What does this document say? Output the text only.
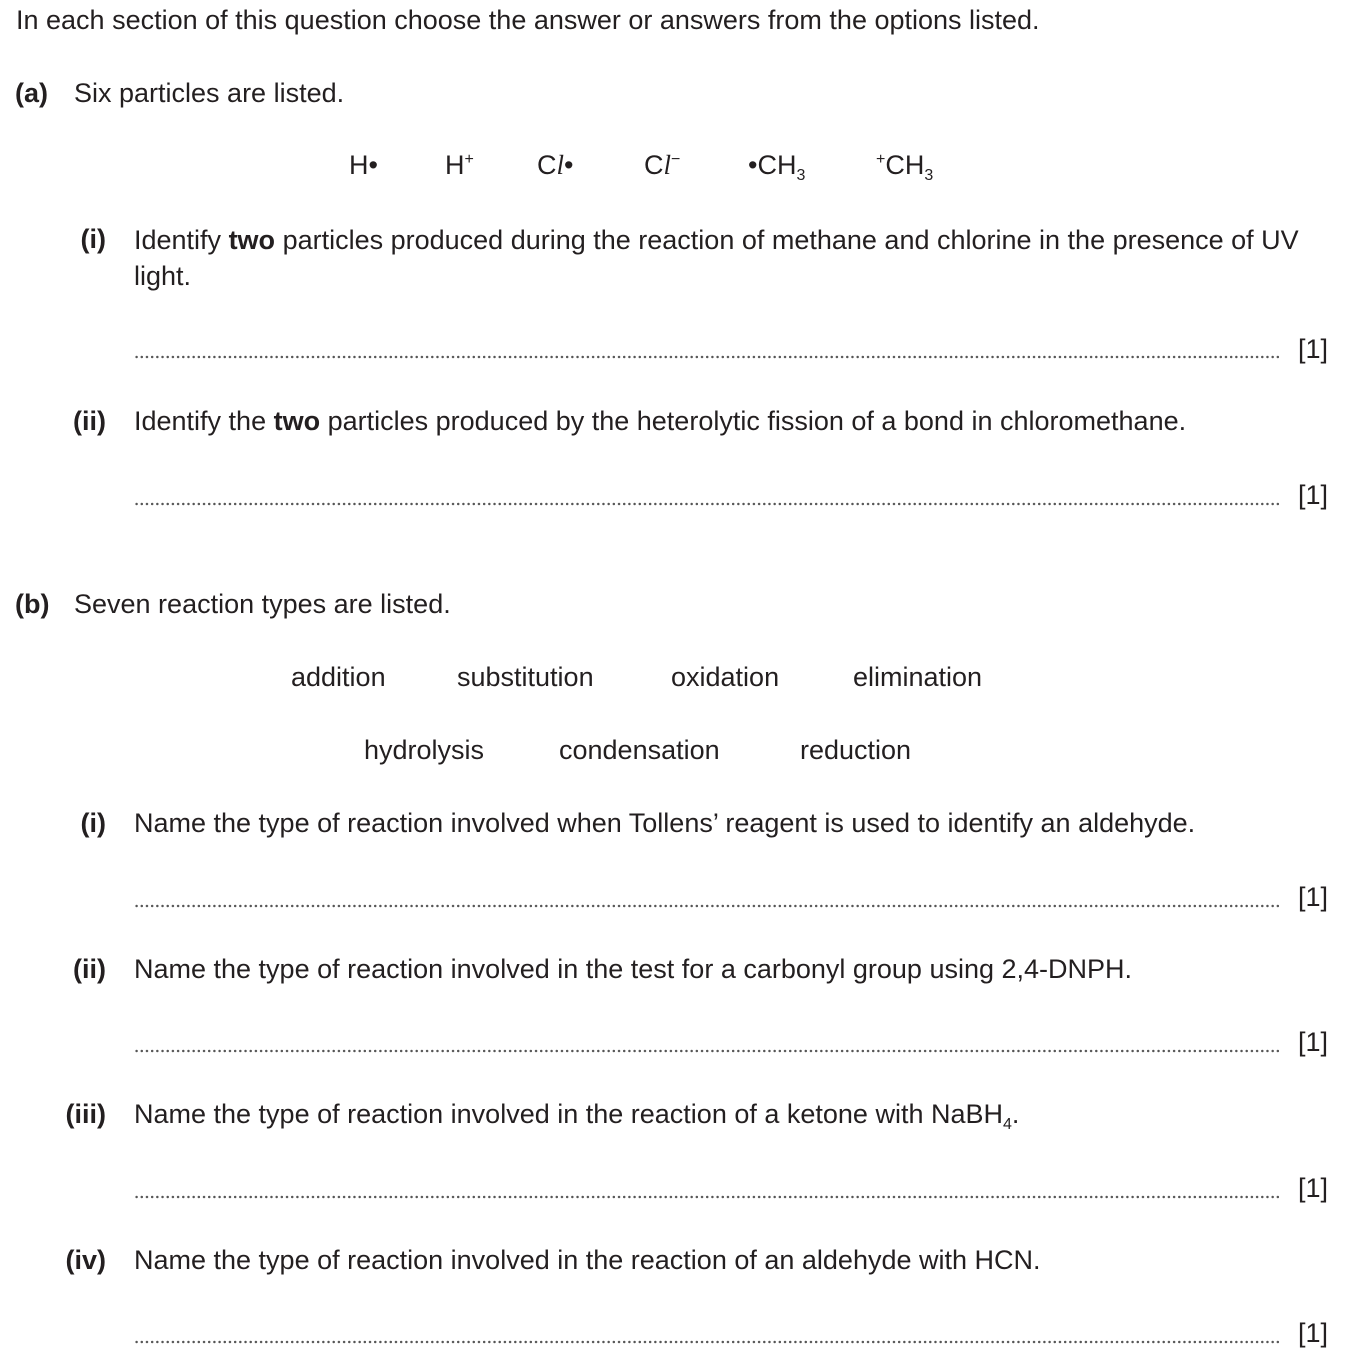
In each section of this question choose the answer or answers from the options listed.
(a) Six particles are listed.
H• H+ Cl•	Cl−	$•CH_3$
$^+CH_3$
(i) Identify two particles produced during the reaction of methane and chlorine in the presence of UV light.
[1]
(ii) Identify the two particles produced by the heterolytic fission of a bond in chloromethane.
[1]
(b) Seven reaction types are listed.
addition	substitution	oxidation	elimination
hydrolysis	condensation	reduction
(i) Name the type of reaction involved when Tollens’ reagent is used to identify an aldehyde.
[1]
(ii) Name the type of reaction involved in the test for a carbonyl group using 2,4-DNPH.
[1]
(iii) Name the type of reaction involved in the reaction of a ketone with NaBH$_4$.
[1]
(iv) Name the type of reaction involved in the reaction of an aldehyde with HCN.
[1]
